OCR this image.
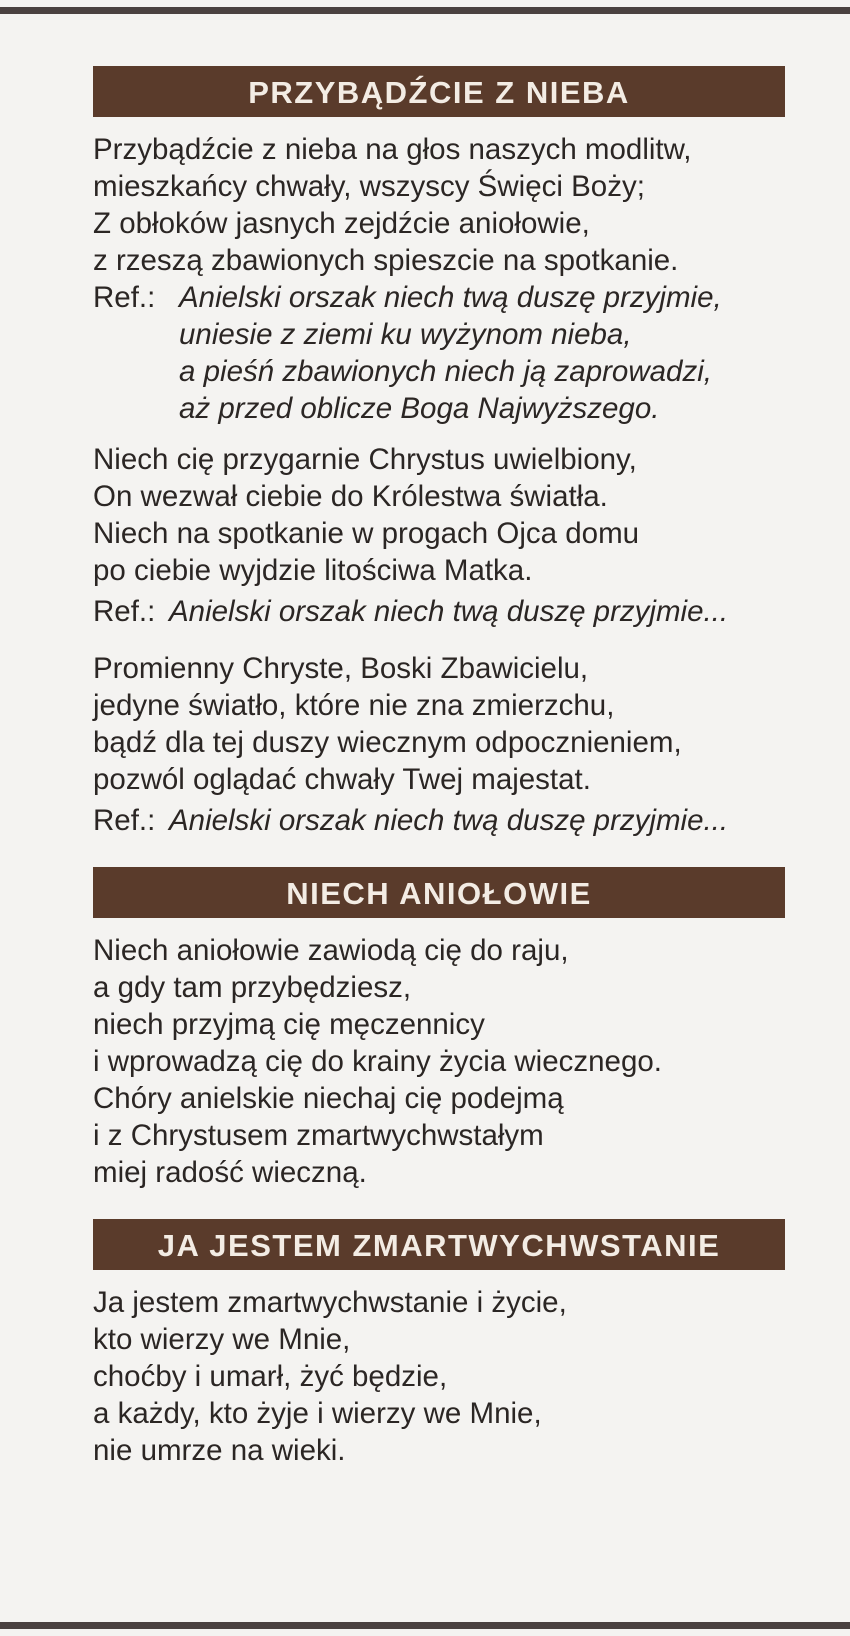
PRZYBĄDŹCIE Z NIEBA
Przybądźcie z nieba na głos naszych modlitw,
mieszkańcy chwały, wszyscy Święci Boży;
Z obłoków jasnych zejdźcie aniołowie,
z rzeszą zbawionych spieszcie na spotkanie.
Ref.: Anielski orszak niech twą duszę przyjmie,
uniesie z ziemi ku wyżynom nieba,
a pieśń zbawionych niech ją zaprowadzi,
aż przed oblicze Boga Najwyższego.
Niech cię przygarnie Chrystus uwielbiony,
On wezwał ciebie do Królestwa światła.
Niech na spotkanie w progach Ojca domu
po ciebie wyjdzie litościwa Matka.
Ref.: Anielski orszak niech twą duszę przyjmie...
Promienny Chryste, Boski Zbawicielu,
jedyne światło, które nie zna zmierzchu,
bądź dla tej duszy wiecznym odpocznieniem,
pozwól oglądać chwały Twej majestat.
Ref.: Anielski orszak niech twą duszę przyjmie...
NIECH ANIOŁOWIE
Niech aniołowie zawiodą cię do raju,
a gdy tam przybędziesz,
niech przyjmą cię męczennicy
i wprowadzą cię do krainy życia wiecznego.
Chóry anielskie niechaj cię podejmą
i z Chrystusem zmartwychwstałym
miej radość wieczną.
JA JESTEM ZMARTWYCHWSTANIE
Ja jestem zmartwychwstanie i życie,
kto wierzy we Mnie,
choćby i umarł, żyć będzie,
a każdy, kto żyje i wierzy we Mnie,
nie umrze na wieki.
